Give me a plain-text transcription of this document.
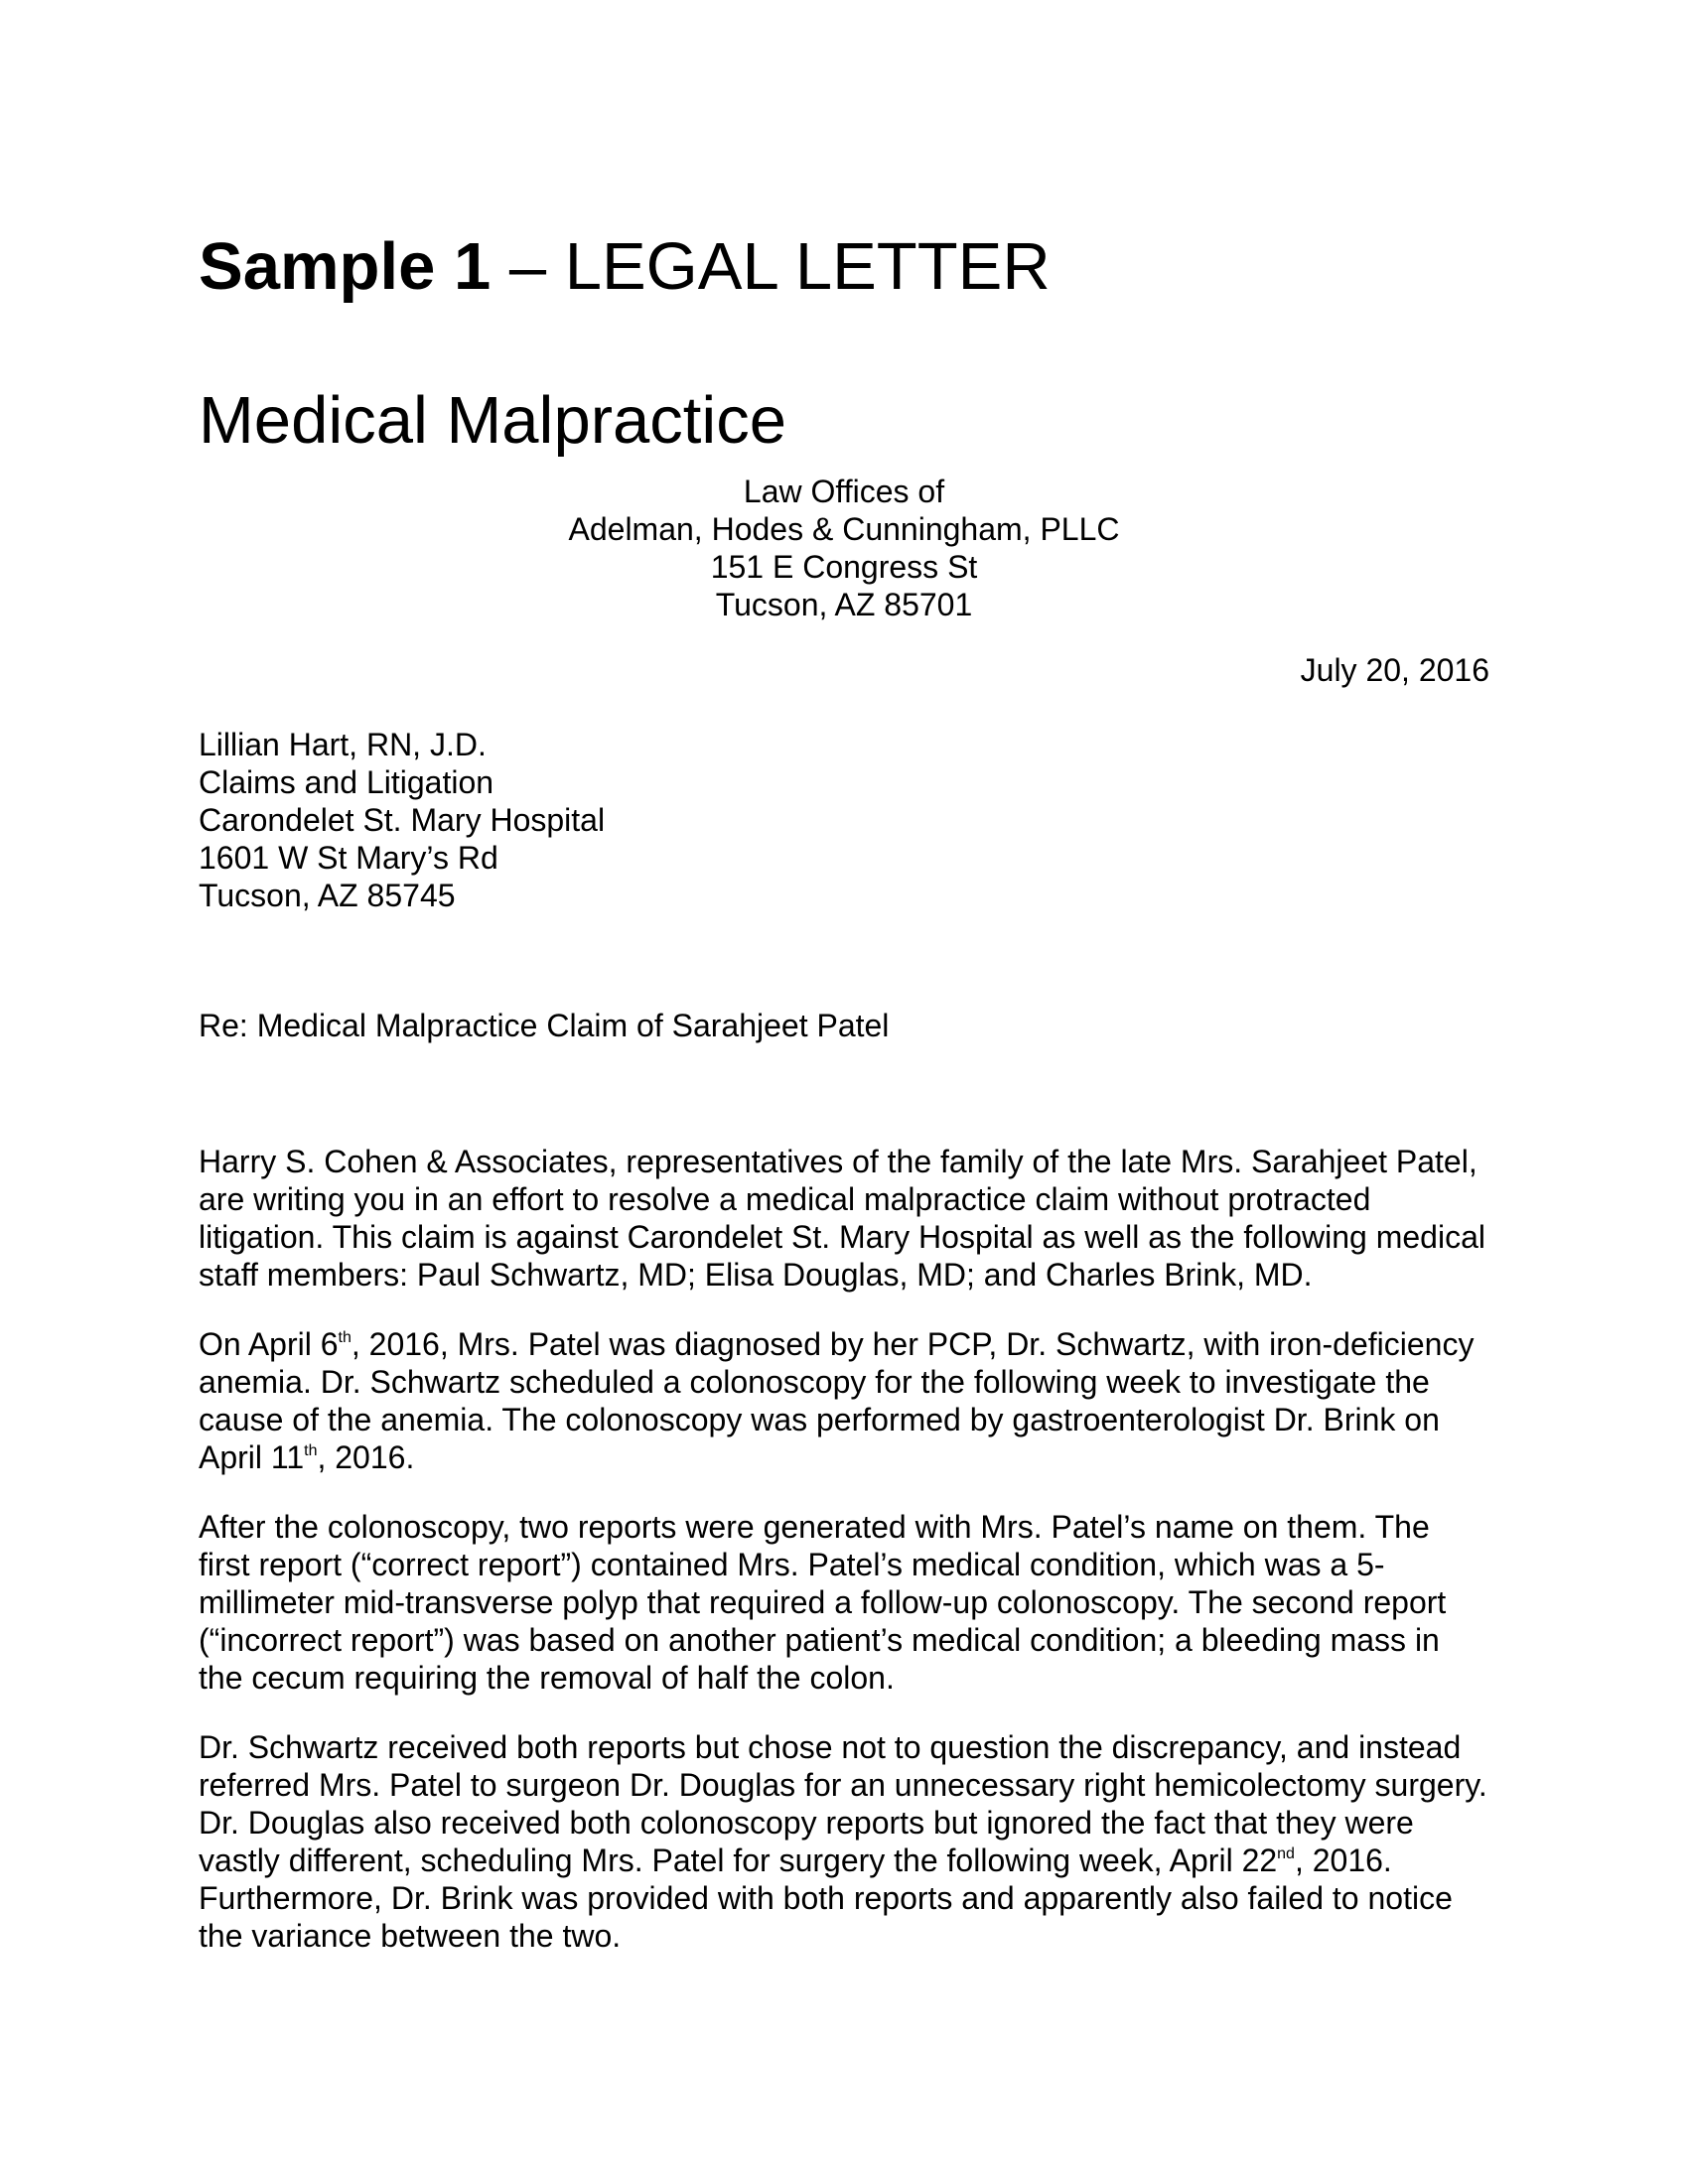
Sample 1 – LEGAL LETTER
Medical Malpractice
Law Offices of
Adelman, Hodes & Cunningham, PLLC
151 E Congress St
Tucson, AZ 85701
July 20, 2016
Lillian Hart, RN, J.D.
Claims and Litigation
Carondelet St. Mary Hospital
1601 W St Mary’s Rd
Tucson, AZ 85745
Re: Medical Malpractice Claim of Sarahjeet Patel
Harry S. Cohen & Associates, representatives of the family of the late Mrs. Sarahjeet Patel,
are writing you in an effort to resolve a medical malpractice claim without protracted
litigation. This claim is against Carondelet St. Mary Hospital as well as the following medical
staff members: Paul Schwartz, MD; Elisa Douglas, MD; and Charles Brink, MD.
On April 6th, 2016, Mrs. Patel was diagnosed by her PCP, Dr. Schwartz, with iron-deficiency
anemia. Dr. Schwartz scheduled a colonoscopy for the following week to investigate the
cause of the anemia. The colonoscopy was performed by gastroenterologist Dr. Brink on
April 11th, 2016.
After the colonoscopy, two reports were generated with Mrs. Patel’s name on them. The
first report (“correct report”) contained Mrs. Patel’s medical condition, which was a 5-
millimeter mid-transverse polyp that required a follow-up colonoscopy. The second report
(“incorrect report”) was based on another patient’s medical condition; a bleeding mass in
the cecum requiring the removal of half the colon.
Dr. Schwartz received both reports but chose not to question the discrepancy, and instead
referred Mrs. Patel to surgeon Dr. Douglas for an unnecessary right hemicolectomy surgery.
Dr. Douglas also received both colonoscopy reports but ignored the fact that they were
vastly different, scheduling Mrs. Patel for surgery the following week, April 22nd, 2016.
Furthermore, Dr. Brink was provided with both reports and apparently also failed to notice
the variance between the two.
